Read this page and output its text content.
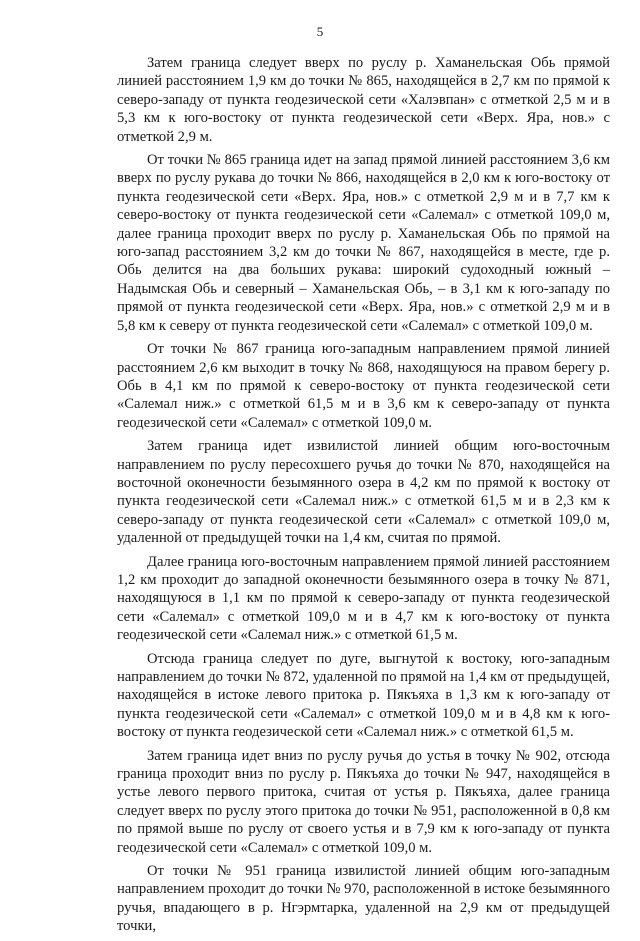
5

Затем граница следует вверх по руслу р. Хаманельская Обь прямой линией расстоянием 1,9 км до точки № 865, находящейся в 2,7 км по прямой к северо-западу от пункта геодезической сети «Халэвпан» с отметкой 2,5 м и в 5,3 км к юго-востоку от пункта геодезической сети «Верх. Яра, нов.» с отметкой 2,9 м.

От точки № 865 граница идет на запад прямой линией расстоянием 3,6 км вверх по руслу рукава до точки № 866, находящейся в 2,0 км к юго-востоку от пункта геодезической сети «Верх. Яра, нов.» с отметкой 2,9 м и в 7,7 км к северо-востоку от пункта геодезической сети «Салемал» с отметкой 109,0 м, далее граница проходит вверх по руслу р. Хаманельская Обь по прямой на юго-запад расстоянием 3,2 км до точки № 867, находящейся в месте, где р. Обь делится на два больших рукава: широкий судоходный южный – Надымская Обь и северный – Хаманельская Обь, – в 3,1 км к юго-западу по прямой от пункта геодезической сети «Верх. Яра, нов.» с отметкой 2,9 м и в 5,8 км к северу от пункта геодезической сети «Салемал» с отметкой 109,0 м.

От точки № 867 граница юго-западным направлением прямой линией расстоянием 2,6 км выходит в точку № 868, находящуюся на правом берегу р. Обь в 4,1 км по прямой к северо-востоку от пункта геодезической сети «Салемал ниж.» с отметкой 61,5 м и в 3,6 км к северо-западу от пункта геодезической сети «Салемал» с отметкой 109,0 м.

Затем граница идет извилистой линией общим юго-восточным направлением по руслу пересохшего ручья до точки № 870, находящейся на восточной оконечности безымянного озера в 4,2 км по прямой к востоку от пункта геодезической сети «Салемал ниж.» с отметкой 61,5 м и в 2,3 км к северо-западу от пункта геодезической сети «Салемал» с отметкой 109,0 м, удаленной от предыдущей точки на 1,4 км, считая по прямой.

Далее граница юго-восточным направлением прямой линией расстоянием 1,2 км проходит до западной оконечности безымянного озера в точку № 871, находящуюся в 1,1 км по прямой к северо-западу от пункта геодезической сети «Салемал» с отметкой 109,0 м и в 4,7 км к юго-востоку от пункта геодезической сети «Салемал ниж.» с отметкой 61,5 м.

Отсюда граница следует по дуге, выгнутой к востоку, юго-западным направлением до точки № 872, удаленной по прямой на 1,4 км от предыдущей, находящейся в истоке левого притока р. Пякъяха в 1,3 км к юго-западу от пункта геодезической сети «Салемал» с отметкой 109,0 м и в 4,8 км к юго-востоку от пункта геодезической сети «Салемал ниж.» с отметкой 61,5 м.

Затем граница идет вниз по руслу ручья до устья в точку № 902, отсюда граница проходит вниз по руслу р. Пякъяха до точки № 947, находящейся в устье левого первого притока, считая от устья р. Пякъяха, далее граница следует вверх по руслу этого притока до точки № 951, расположенной в 0,8 км по прямой выше по руслу от своего устья и в 7,9 км к юго-западу от пункта геодезической сети «Салемал» с отметкой 109,0 м.

От точки № 951 граница извилистой линией общим юго-западным направлением проходит до точки № 970, расположенной в истоке безымянного ручья, впадающего в р. Нгэрмтарка, удаленной на 2,9 км от предыдущей точки,
